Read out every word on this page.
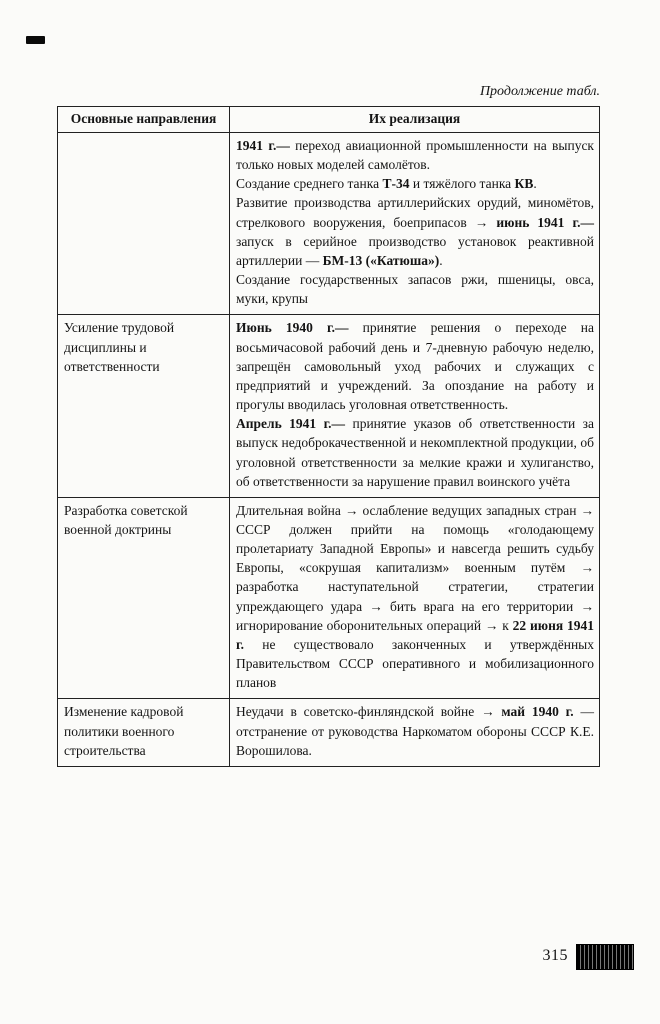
Продолжение табл.
Основные направления	Их реализация

	1941 г.— переход авиационной промышленности на выпуск только новых моделей самолётов.

Создание среднего танка Т-34 и тяжёлого танка КВ.

Развитие производства артиллерийских орудий, миномётов, стрелкового вооружения, боеприпасов → июнь 1941 г.— запуск в серийное производство установок реактивной артиллерии — БМ-13 («Катюша»).

Создание государственных запасов ржи, пшеницы, овса, муки, крупы

Усиление трудовой дисциплины и ответственности	Июнь 1940 г.— принятие решения о переходе на восьмичасовой рабочий день и 7-дневную рабочую неделю, запрещён самовольный уход рабочих и служащих с предприятий и учреждений. За опоздание на работу и прогулы вводилась уголовная ответственность.

Апрель 1941 г.— принятие указов об ответственности за выпуск недоброкачественной и некомплектной продукции, об уголовной ответственности за мелкие кражи и хулиганство, об ответственности за нарушение правил воинского учёта

Разработка советской военной доктрины	Длительная война → ослабление ведущих западных стран → СССР должен прийти на помощь «голодающему пролетариату Западной Европы» и навсегда решить судьбу Европы, «сокрушая капитализм» военным путём → разработка наступательной стратегии, стратегии упреждающего удара → бить врага на его территории → игнорирование оборонительных операций → к 22 июня 1941 г. не существовало законченных и утверждённых Правительством СССР оперативного и мобилизационного планов

Изменение кадровой политики военного строительства	Неудачи в советско-финляндской войне → май 1940 г. — отстранение от руководства Наркоматом обороны СССР К.Е. Ворошилова.

315
